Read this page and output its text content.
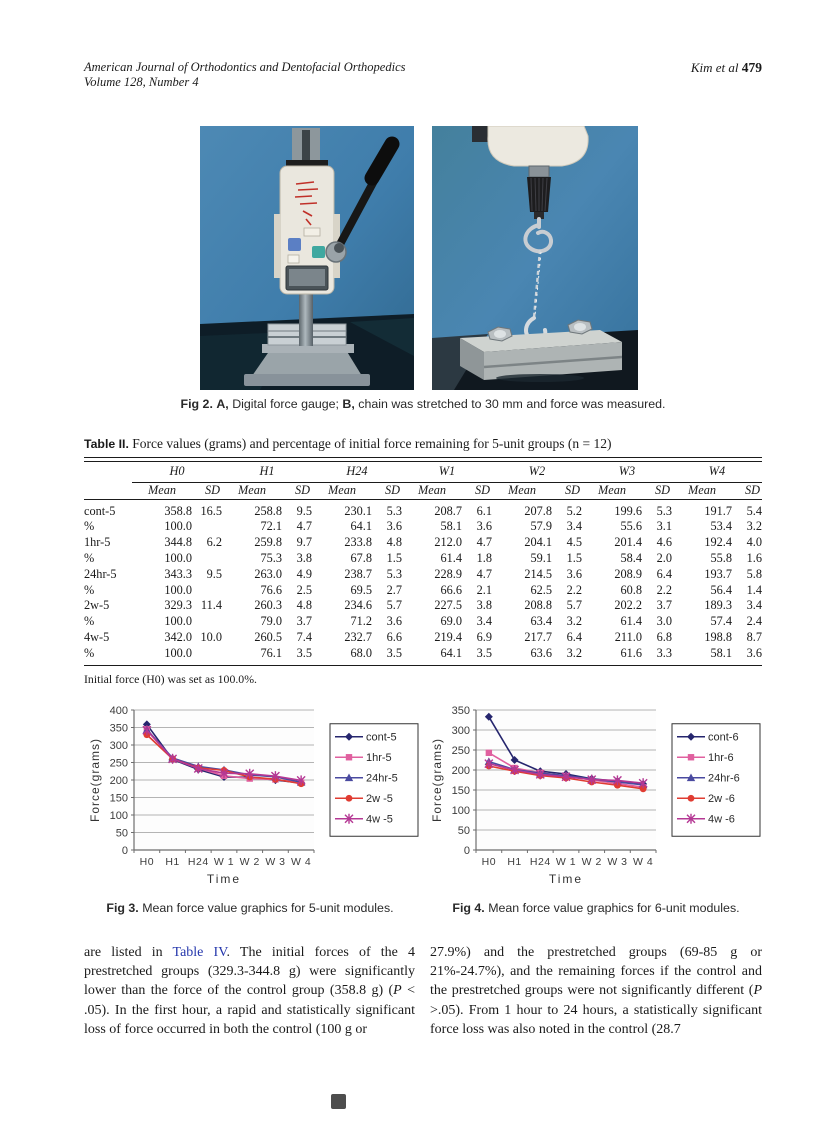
American Journal of Orthodontics and Dentofacial Orthopedics
Volume 128, Number 4
Kim et al 479
Fig 2. A, Digital force gauge; B, chain was stretched to 30 mm and force was measured.
Table II. Force values (grams) and percentage of initial force remaining for 5-unit groups (n = 12)

	H0		H1		H24		W1		W2		W3		W4	

	Mean	SD	Mean	SD	Mean	SD	Mean	SD	Mean	SD	Mean	SD	Mean	SD
cont-5	358.8	16.5	258.8	9.5	230.1	5.3	208.7	6.1	207.8	5.2	199.6	5.3	191.7	5.4
%	100.0		72.1	4.7	64.1	3.6	58.1	3.6	57.9	3.4	55.6	3.1	53.4	3.2
1hr-5	344.8	6.2	259.8	9.7	233.8	4.8	212.0	4.7	204.1	4.5	201.4	4.6	192.4	4.0
%	100.0		75.3	3.8	67.8	1.5	61.4	1.8	59.1	1.5	58.4	2.0	55.8	1.6
24hr-5	343.3	9.5	263.0	4.9	238.7	5.3	228.9	4.7	214.5	3.6	208.9	6.4	193.7	5.8
%	100.0		76.6	2.5	69.5	2.7	66.6	2.1	62.5	2.2	60.8	2.2	56.4	1.4
2w-5	329.3	11.4	260.3	4.8	234.6	5.7	227.5	3.8	208.8	5.7	202.2	3.7	189.3	3.4
%	100.0		79.0	3.7	71.2	3.6	69.0	3.4	63.4	3.2	61.4	3.0	57.4	2.4
4w-5	342.0	10.0	260.5	7.4	232.7	6.6	219.4	6.9	217.7	6.4	211.0	6.8	198.8	8.7
%	100.0		76.1	3.5	68.0	3.5	64.1	3.5	63.6	3.2	61.6	3.3	58.1	3.6
Initial force (H0) was set as 100.0%.
0
50
100
150
200
250
300
350
400
H0 H1 H24 W 1 W 2 W 3 W 4
Time
Force(grams)
cont-5
1hr-5
24hr-5
2w -5
4w -5
0
50
100
150
200
250
300
350
H0 H1 H24 W 1 W 2 W 3 W 4
Time
Force(grams)
cont-6
1hr-6
24hr-6
2w -6
4w -6
Fig 3. Mean force value graphics for 5-unit modules.	Fig 4. Mean force value graphics for 6-unit modules.
are listed in Table IV. The initial forces of the 4 prestretched groups (329.3-344.8 g) were significantly lower than the force of the control group (358.8 g) (P < .05). In the first hour, a rapid and statistically significant loss of force occurred in both the control (100 g or
27.9%) and the prestretched groups (69-85 g or 21%-24.7%), and the remaining forces if the control and the prestretched groups were not significantly different (P >.05). From 1 hour to 24 hours, a statistically significant force loss was also noted in the control (28.7
